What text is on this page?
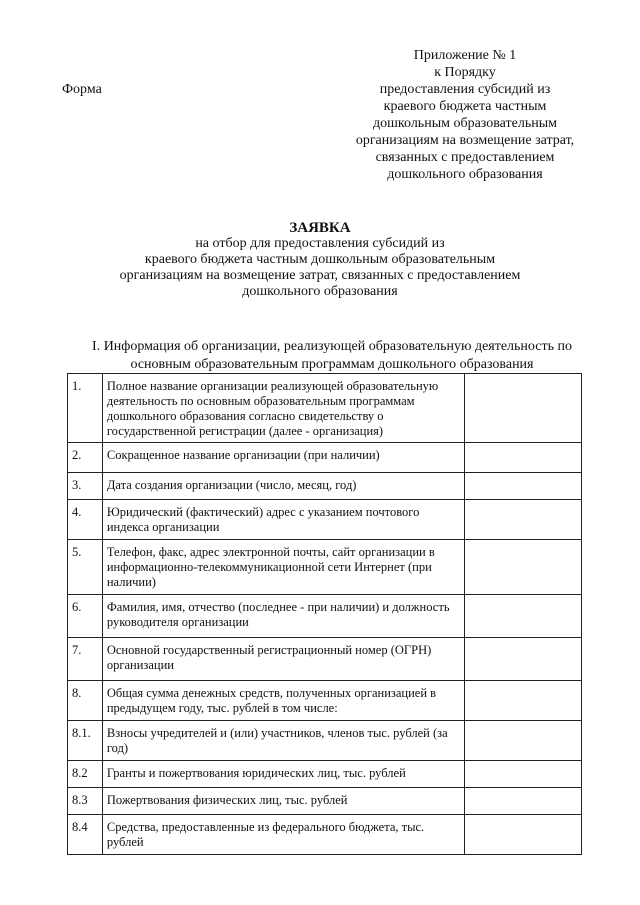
Форма
Приложение № 1
к Порядку
предоставления субсидий из
краевого бюджета частным
дошкольным образовательным
организациям на возмещение затрат,
связанных с предоставлением
дошкольного образования
ЗАЯВКА
на отбор для предоставления субсидий из
краевого бюджета частным дошкольным образовательным
организациям на возмещение затрат, связанных с предоставлением
дошкольного образования
I. Информация об организации, реализующей образовательную деятельность по
основным образовательным программам дошкольного образования
1.	Полное название организации реализующей образовательную деятельность по основным образовательным программам дошкольного образования согласно свидетельству о государственной регистрации (далее - организация)	
2.	Сокращенное название организации (при наличии)	
3.	Дата создания организации (число, месяц, год)	
4.	Юридический (фактический) адрес с указанием почтового индекса организации	
5.	Телефон, факс, адрес электронной почты, сайт организации в информационно-телекоммуникационной сети Интернет (при наличии)	
6.	Фамилия, имя, отчество (последнее - при наличии) и должность руководителя организации	
7.	Основной государственный регистрационный номер (ОГРН) организации	
8.	Общая сумма денежных средств, полученных организацией в предыдущем году, тыс. рублей в том числе:	
8.1.	Взносы учредителей и (или) участников, членов тыс. рублей (за год)	
8.2	Гранты и пожертвования юридических лиц, тыс. рублей	
8.3	Пожертвования физических лиц, тыс. рублей	
8.4	Средства, предоставленные из федерального бюджета, тыс. рублей	
